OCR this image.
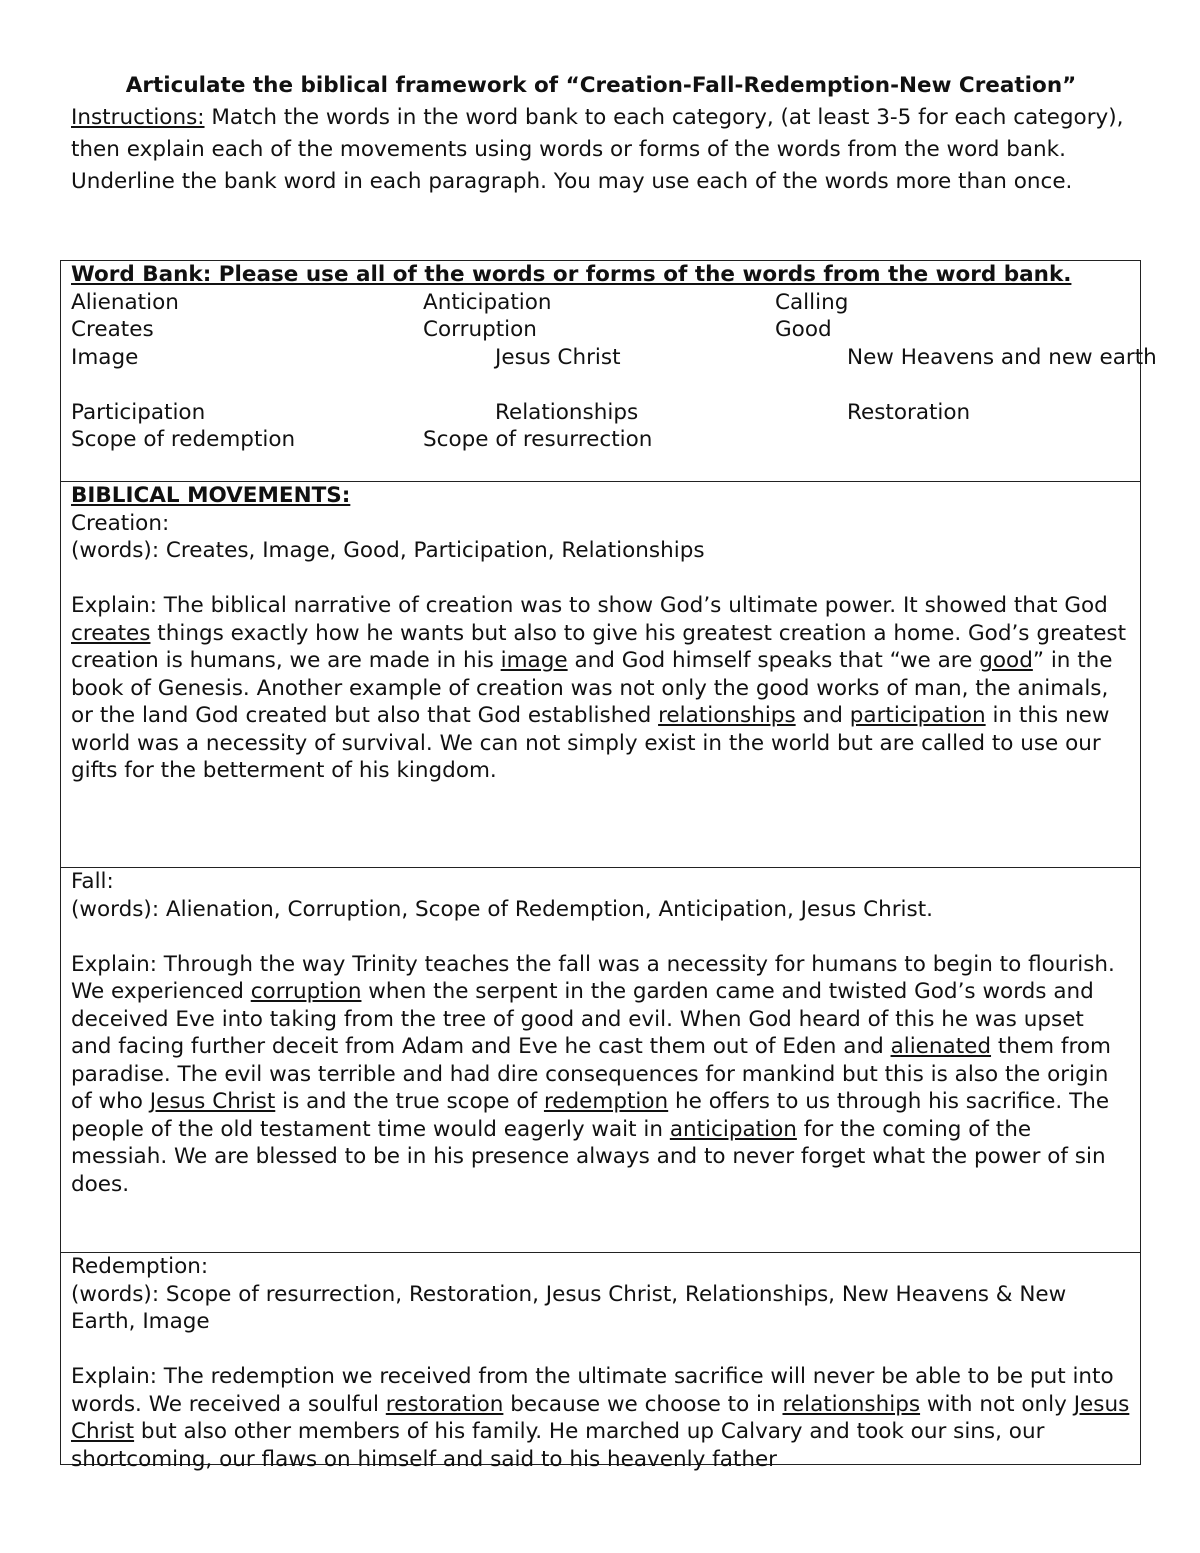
Articulate the biblical framework of “Creation-Fall-Redemption-New Creation”

Instructions: Match the words in the word bank to each category, (at least 3-5 for each category), then explain each of the movements using words or forms of the words from the word bank. Underline the bank word in each paragraph. You may use each of the words more than once.

Word Bank: Please use all of the words or forms of the words from the word bank.

Alienation	Anticipation	Calling
Creates	Corruption	Good
Image	Jesus Christ	New Heavens and new earth
Participation	Relationships	Restoration
Scope of redemption	Scope of resurrection

BIBLICAL MOVEMENTS:

Creation:

(words): Creates, Image, Good, Participation, Relationships

Explain: The biblical narrative of creation was to show God’s ultimate power. It showed that God creates things exactly how he wants but also to give his greatest creation a home. God’s greatest creation is humans, we are made in his image and God himself speaks that “we are good” in the book of Genesis. Another example of creation was not only the good works of man, the animals, or the land God created but also that God established relationships and participation in this new world was a necessity of survival. We can not simply exist in the world but are called to use our gifts for the betterment of his kingdom.

Fall:

(words): Alienation, Corruption, Scope of Redemption, Anticipation, Jesus Christ.

Explain: Through the way Trinity teaches the fall was a necessity for humans to begin to flourish. We experienced corruption when the serpent in the garden came and twisted God’s words and deceived Eve into taking from the tree of good and evil. When God heard of this he was upset and facing further deceit from Adam and Eve he cast them out of Eden and alienated them from paradise. The evil was terrible and had dire consequences for mankind but this is also the origin of who Jesus Christ is and the true scope of redemption he offers to us through his sacrifice. The people of the old testament time would eagerly wait in anticipation for the coming of the messiah. We are blessed to be in his presence always and to never forget what the power of sin does.

Redemption:

(words): Scope of resurrection, Restoration, Jesus Christ, Relationships, New Heavens & New Earth, Image

Explain: The redemption we received from the ultimate sacrifice will never be able to be put into words. We received a soulful restoration because we choose to in relationships with not only Jesus Christ but also other members of his family. He marched up Calvary and took our sins, our shortcoming, our flaws on himself and said to his heavenly father
